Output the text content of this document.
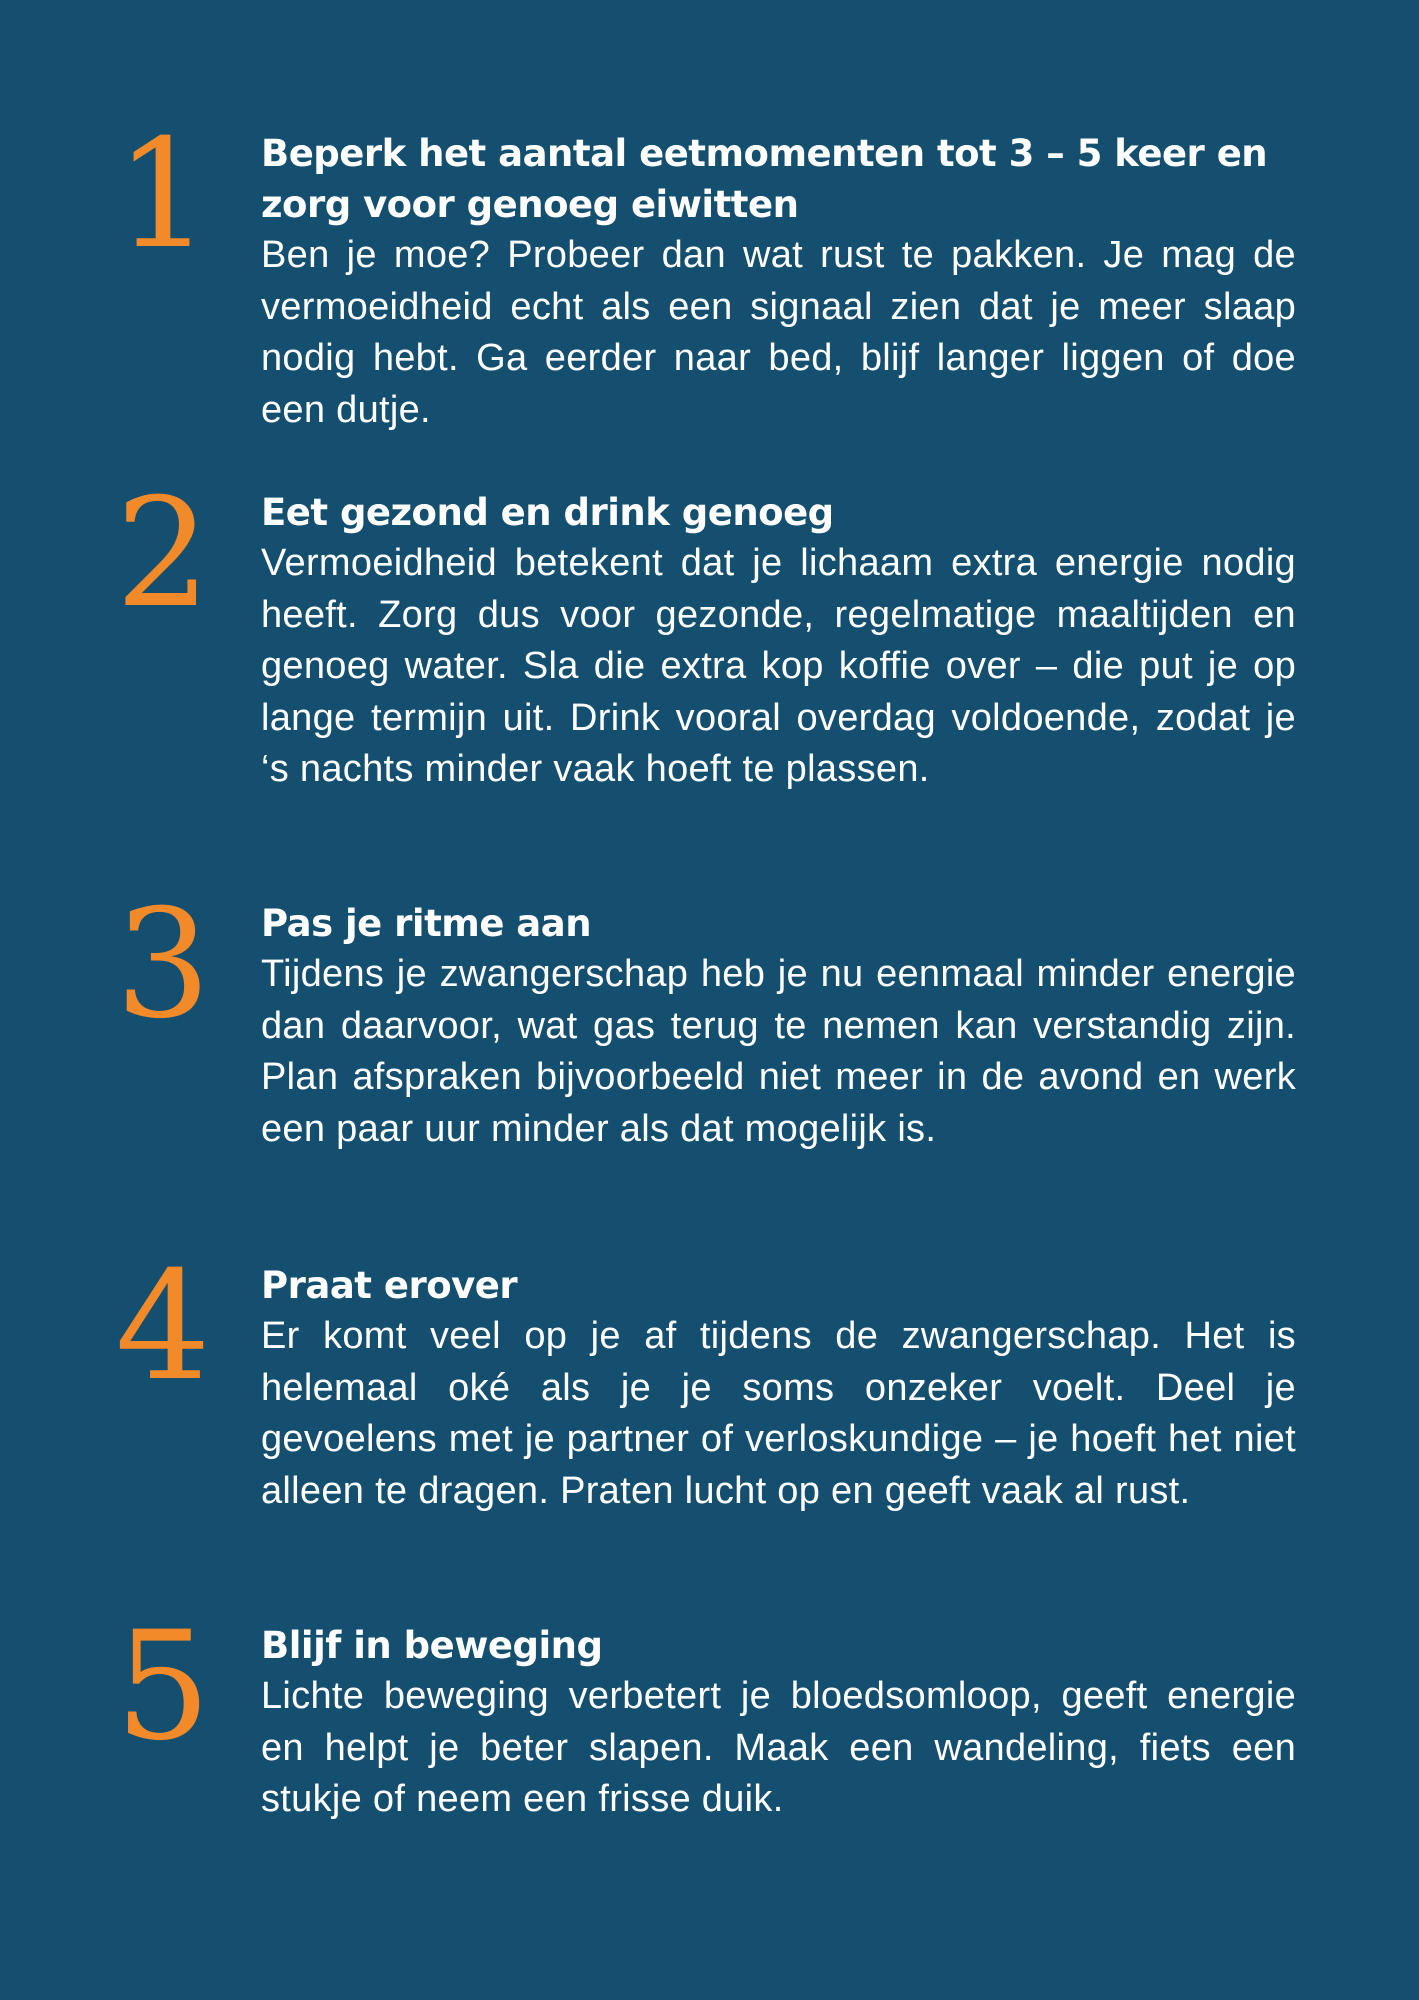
1 Beperk het aantal eetmomenten tot 3 – 5 keer en zorg voor genoeg eiwitten

Ben je moe? Probeer dan wat rust te pakken. Je mag de vermoeidheid echt als een signaal zien dat je meer slaap nodig hebt. Ga eerder naar bed, blijf langer liggen of doe een dutje.

2 Eet gezond en drink genoeg

Vermoeidheid betekent dat je lichaam extra energie nodig heeft. Zorg dus voor gezonde, regelmatige maaltijden en genoeg water. Sla die extra kop koffie over – die put je op lange termijn uit. Drink vooral overdag voldoende, zodat je ‘s nachts minder vaak hoeft te plassen.

3 Pas je ritme aan

Tijdens je zwangerschap heb je nu eenmaal minder energie dan daarvoor, wat gas terug te nemen kan verstandig zijn. Plan afspraken bijvoorbeeld niet meer in de avond en werk een paar uur minder als dat mogelijk is.

4 Praat erover

Er komt veel op je af tijdens de zwangerschap. Het is helemaal oké als je je soms onzeker voelt. Deel je gevoelens met je partner of verloskundige – je hoeft het niet alleen te dragen. Praten lucht op en geeft vaak al rust.

5 Blijf in beweging

Lichte beweging verbetert je bloedsomloop, geeft energie en helpt je beter slapen. Maak een wandeling, fiets een stukje of neem een frisse duik.
